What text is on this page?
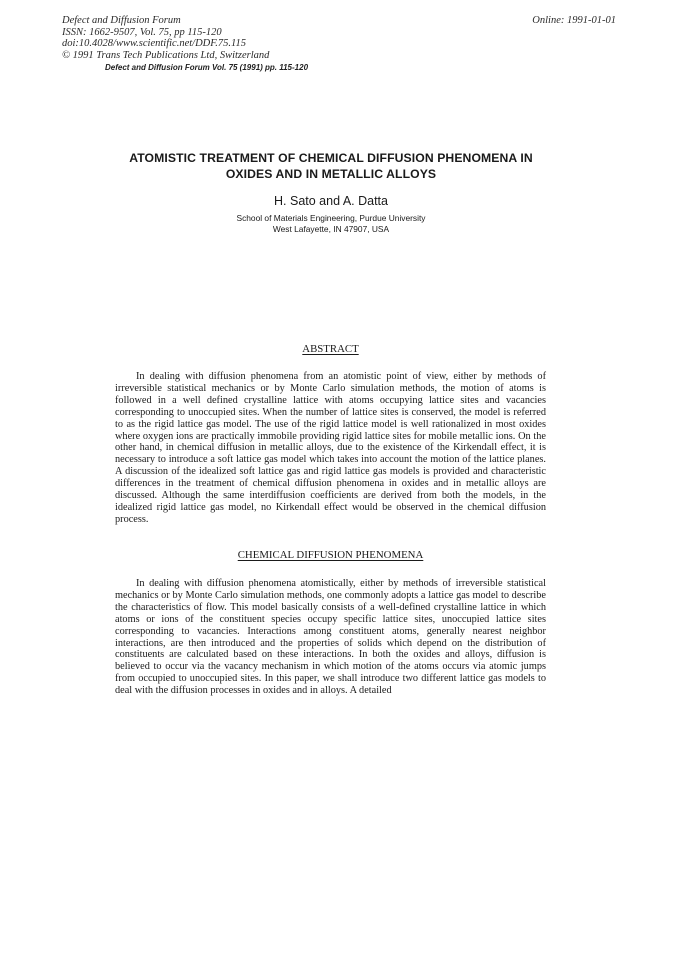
Defect and Diffusion Forum
ISSN: 1662-9507, Vol. 75, pp 115-120
doi:10.4028/www.scientific.net/DDF.75.115
© 1991 Trans Tech Publications Ltd, Switzerland
Online: 1991-01-01
Defect and Diffusion Forum Vol. 75 (1991) pp. 115-120
ATOMISTIC TREATMENT OF CHEMICAL DIFFUSION PHENOMENA IN
OXIDES AND IN METALLIC ALLOYS
H. Sato and A. Datta
School of Materials Engineering, Purdue University
West Lafayette, IN 47907, USA
ABSTRACT
In dealing with diffusion phenomena from an atomistic point of view, either by methods of irreversible statistical mechanics or by Monte Carlo simulation methods, the motion of atoms is followed in a well defined crystalline lattice with atoms occupying lattice sites and vacancies corresponding to unoccupied sites. When the number of lattice sites is conserved, the model is referred to as the rigid lattice gas model. The use of the rigid lattice model is well rationalized in most oxides where oxygen ions are practically immobile providing rigid lattice sites for mobile metallic ions. On the other hand, in chemical diffusion in metallic alloys, due to the existence of the Kirkendall effect, it is necessary to introduce a soft lattice gas model which takes into account the motion of the lattice planes. A discussion of the idealized soft lattice gas and rigid lattice gas models is provided and characteristic differences in the treatment of chemical diffusion phenomena in oxides and in metallic alloys are discussed. Although the same interdiffusion coefficients are derived from both the models, in the idealized rigid lattice gas model, no Kirkendall effect would be observed in the chemical diffusion process.
CHEMICAL DIFFUSION PHENOMENA
In dealing with diffusion phenomena atomistically, either by methods of irreversible statistical mechanics or by Monte Carlo simulation methods, one commonly adopts a lattice gas model to describe the characteristics of flow. This model basically consists of a well-defined crystalline lattice in which atoms or ions of the constituent species occupy specific lattice sites, unoccupied lattice sites corresponding to vacancies. Interactions among constituent atoms, generally nearest neighbor interactions, are then introduced and the properties of solids which depend on the distribution of constituents are calculated based on these interactions. In both the oxides and alloys, diffusion is believed to occur via the vacancy mechanism in which motion of the atoms occurs via atomic jumps from occupied to unoccupied sites. In this paper, we shall introduce two different lattice gas models to deal with the diffusion processes in oxides and in alloys. A detailed
